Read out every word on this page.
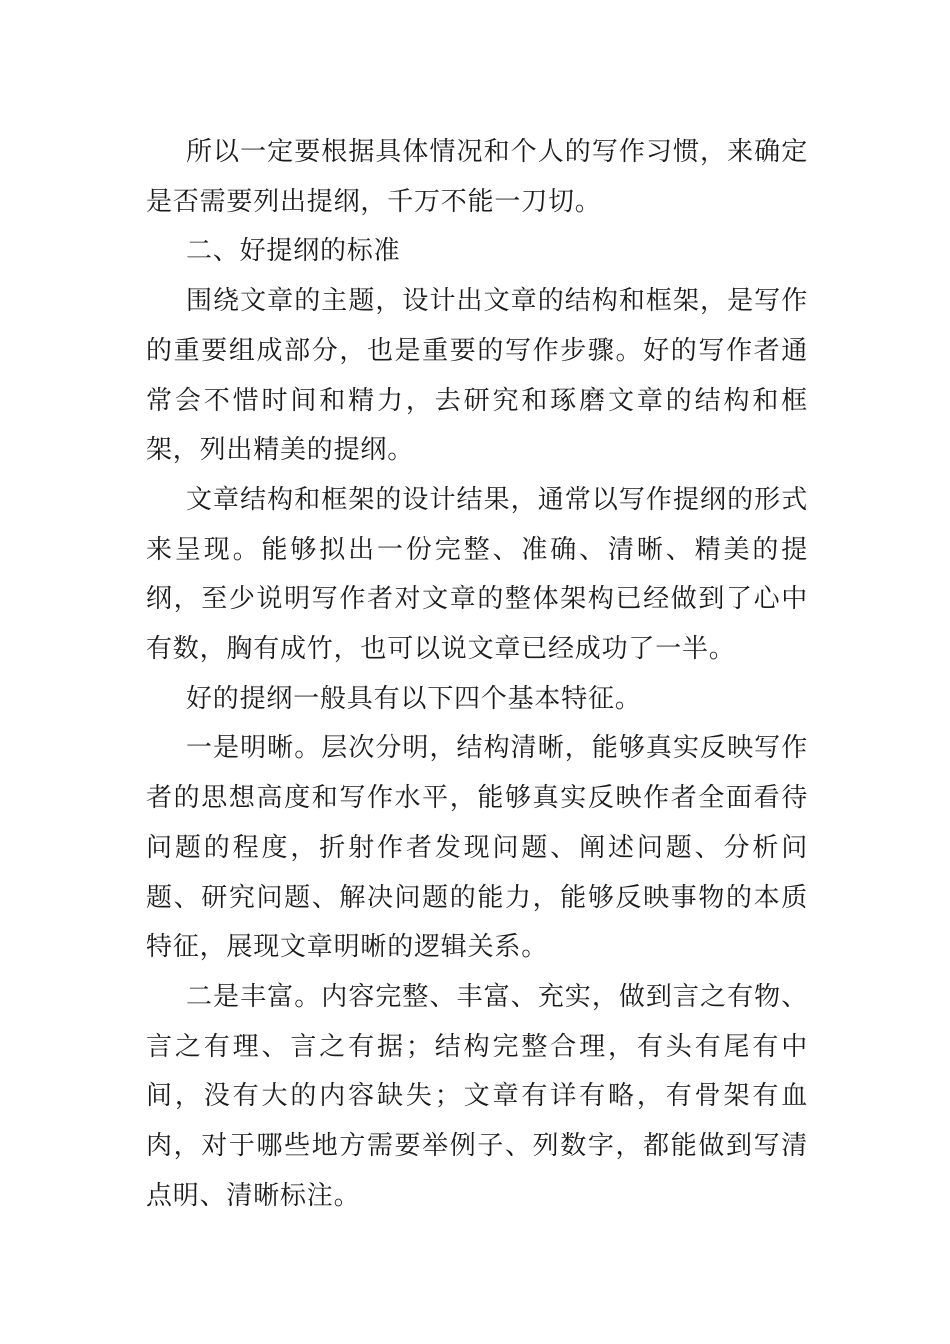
所以一定要根据具体情况和个人的写作习惯，来确定是否需要列出提纲，千万不能一刀切。

二、好提纲的标准

围绕文章的主题，设计出文章的结构和框架，是写作的重要组成部分，也是重要的写作步骤。好的写作者通常会不惜时间和精力，去研究和琢磨文章的结构和框架，列出精美的提纲。

文章结构和框架的设计结果，通常以写作提纲的形式来呈现。能够拟出一份完整、准确、清晰、精美的提纲，至少说明写作者对文章的整体架构已经做到了心中有数，胸有成竹，也可以说文章已经成功了一半。

好的提纲一般具有以下四个基本特征。

一是明晰。层次分明，结构清晰，能够真实反映写作者的思想高度和写作水平，能够真实反映作者全面看待问题的程度，折射作者发现问题、阐述问题、分析问题、研究问题、解决问题的能力，能够反映事物的本质特征，展现文章明晰的逻辑关系。

二是丰富。内容完整、丰富、充实，做到言之有物、言之有理、言之有据；结构完整合理，有头有尾有中间，没有大的内容缺失；文章有详有略，有骨架有血肉，对于哪些地方需要举例子、列数字，都能做到写清点明、清晰标注。
